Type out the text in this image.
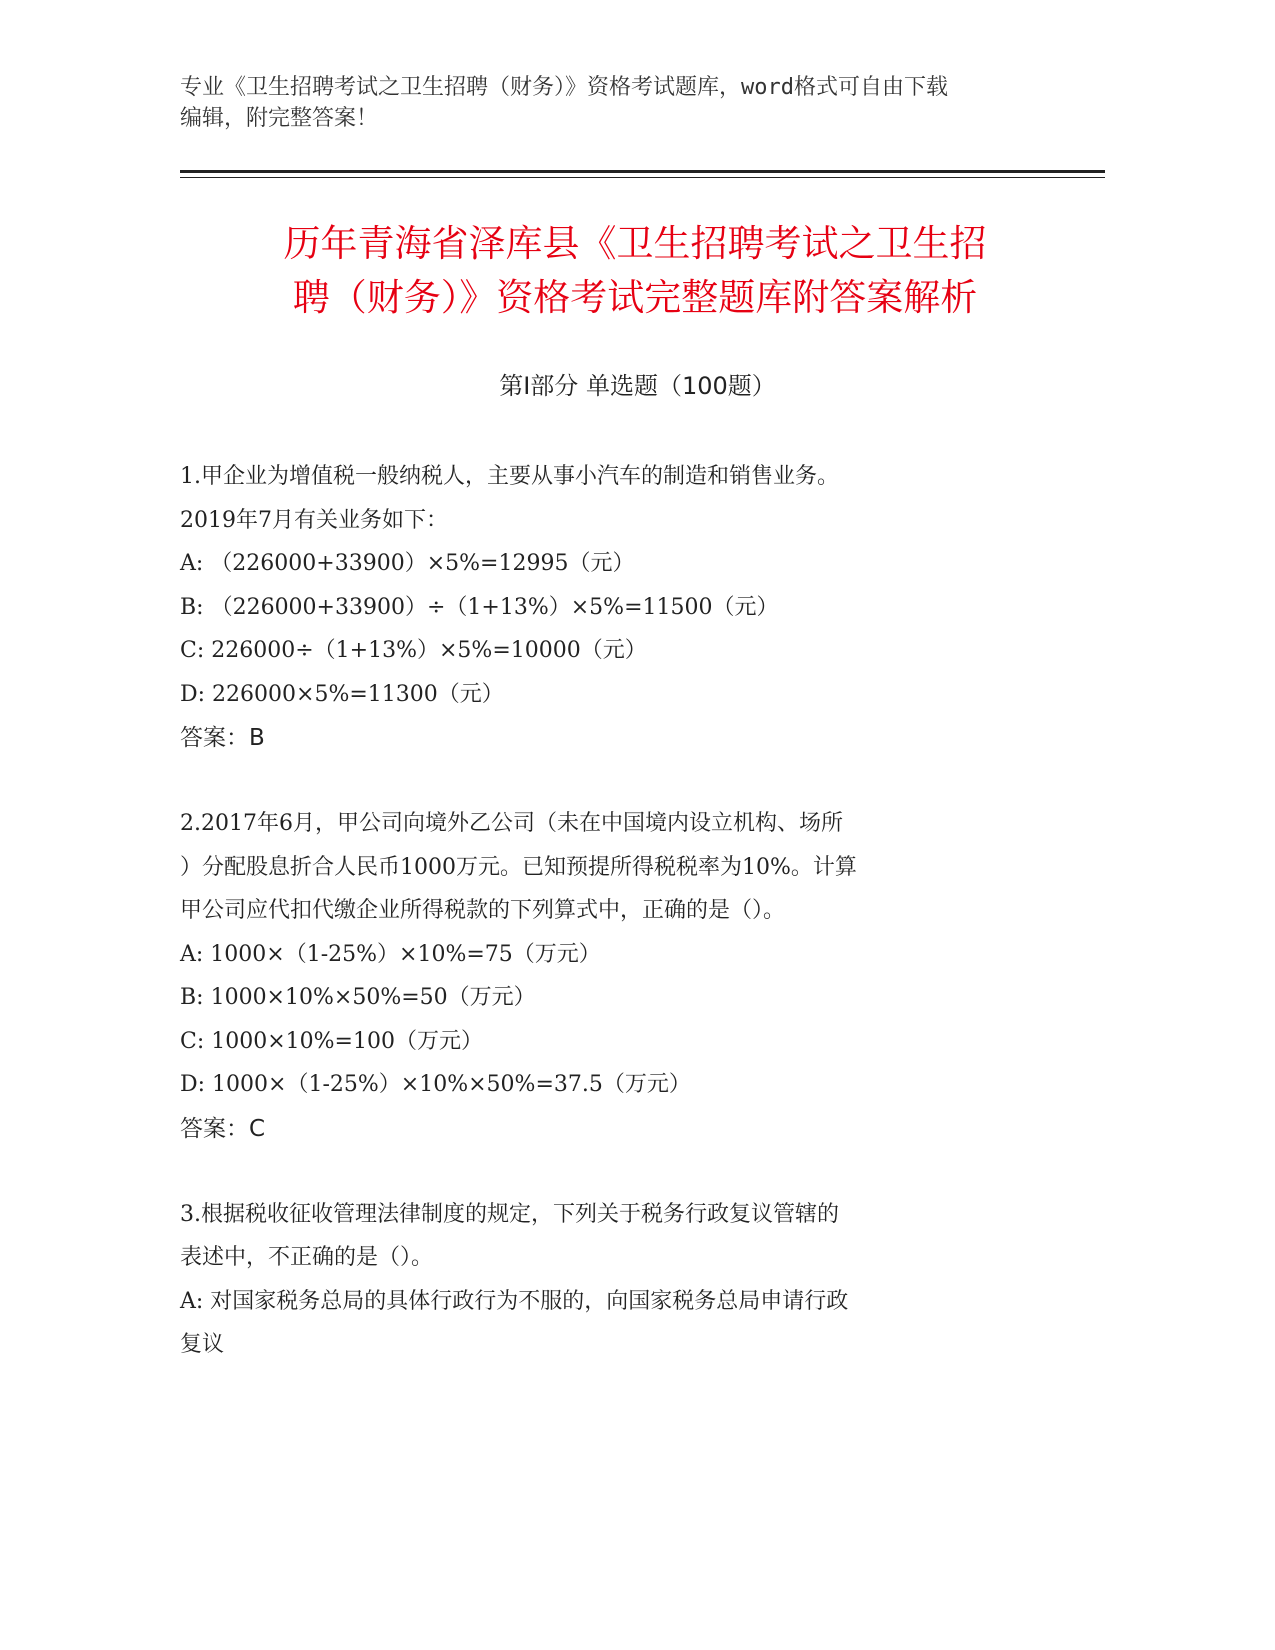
专业《卫生招聘考试之卫生招聘（财务）》资格考试题库，word格式可自由下载
编辑，附完整答案！
历年青海省泽库县《卫生招聘考试之卫生招
聘（财务）》资格考试完整题库附答案解析
第Ⅰ部分 单选题（100题）
1.甲企业为增值税一般纳税人，主要从事小汽车的制造和销售业务。
2019年7月有关业务如下：
A: （226000+33900）×5%=12995（元）
B: （226000+33900）÷（1+13%）×5%=11500（元）
C: 226000÷（1+13%）×5%=10000（元）
D: 226000×5%=11300（元）
答案：B
2.2017年6月，甲公司向境外乙公司（未在中国境内设立机构、场所
）分配股息折合人民币1000万元。已知预提所得税税率为10%。计算
甲公司应代扣代缴企业所得税款的下列算式中，正确的是（）。
A: 1000×（1-25%）×10%=75（万元）
B: 1000×10%×50%=50（万元）
C: 1000×10%=100（万元）
D: 1000×（1-25%）×10%×50%=37.5（万元）
答案：C
3.根据税收征收管理法律制度的规定，下列关于税务行政复议管辖的
表述中，不正确的是（）。
A: 对国家税务总局的具体行政行为不服的，向国家税务总局申请行政
复议
